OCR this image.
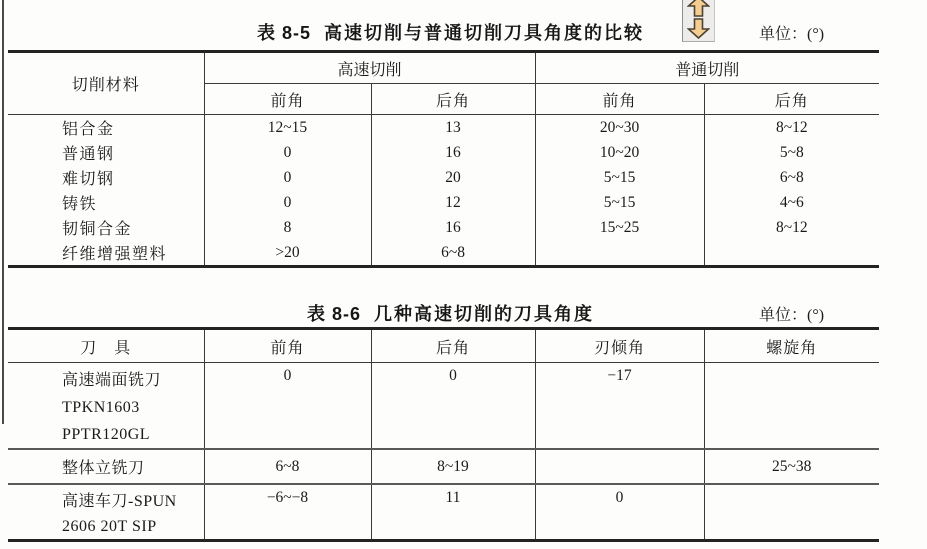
表 8-5 高速切削与普通切削刀具角度的比较	单位：(°)
切削材料	高速切削		普通切削	
	前角	后角	前角	后角
铝合金	12~15	13	20~30	8~12
普通钢	0	16	10~20	5~8
难切钢	0	20	5~15	6~8
铸铁	0	12	5~15	4~6
韧铜合金	8	16	15~25	8~12
纤维增强塑料	>20	6~8		
表 8-6 几种高速切削的刀具角度	单位：(°)
刀　具	前角	后角	刃倾角	螺旋角

高速端面铣刀
TPKN1603
PPTR120GL	0	0	−17	
整体立铣刀	6~8	8~19		25~38

高速车刀-SPUN
2606 20T SIP	−6~−8	11	0	
